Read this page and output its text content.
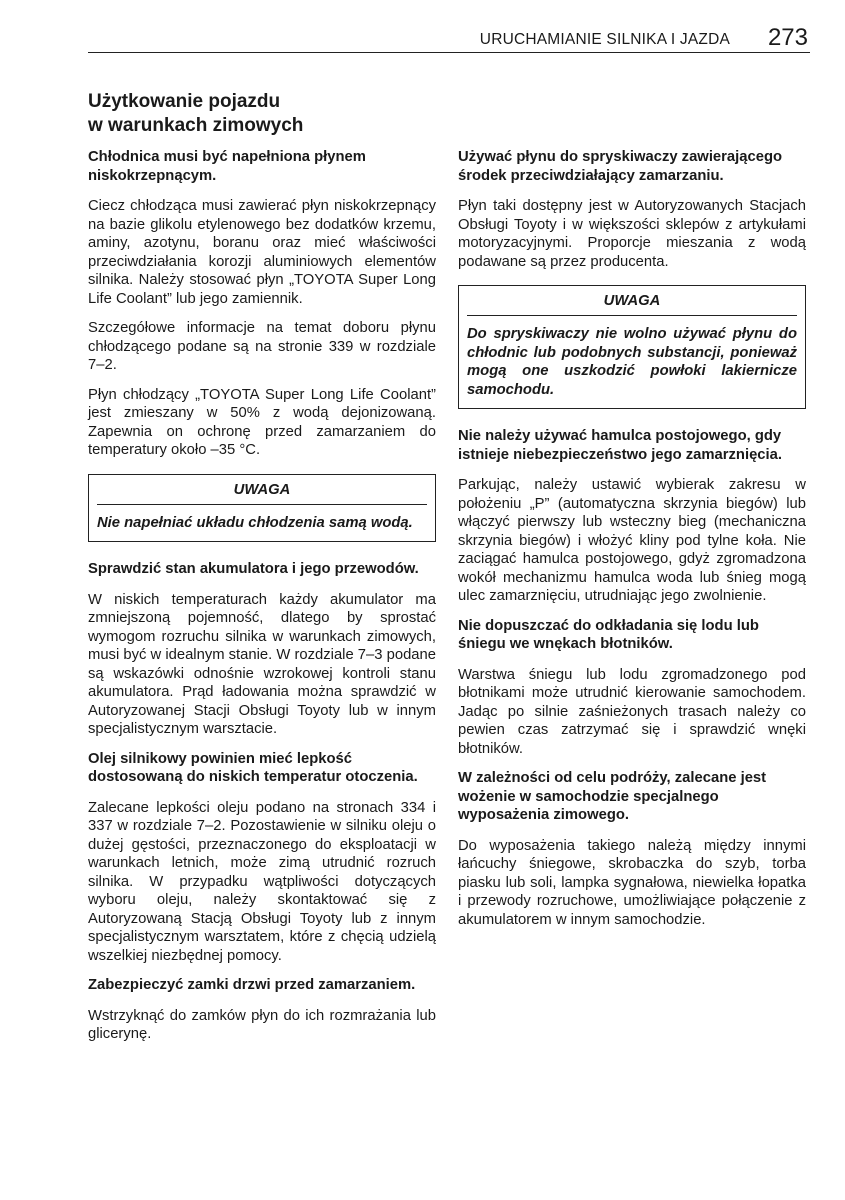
URUCHAMIANIE SILNIKA I JAZDA 273
Użytkowanie pojazdu
w warunkach zimowych
Chłodnica musi być napełniona płynem niskokrzepnącym.
Ciecz chłodząca musi zawierać płyn niskokrzepnący na bazie glikolu etylenowego bez dodatków krzemu, aminy, azotynu, boranu oraz mieć właściwości przeciwdziałania korozji aluminiowych elementów silnika. Należy stosować płyn „TOYOTA Super Long Life Coolant” lub jego zamiennik.
Szczegółowe informacje na temat doboru płynu chłodzącego podane są na stronie 339 w rozdziale 7–2.
Płyn chłodzący „TOYOTA Super Long Life Coolant” jest zmieszany w 50% z wodą dejonizowaną. Zapewnia on ochronę przed zamarzaniem do temperatury około –35 °C.
UWAGA
Nie napełniać układu chłodzenia samą wodą.
Sprawdzić stan akumulatora i jego przewodów.
W niskich temperaturach każdy akumulator ma zmniejszoną pojemność, dlatego by sprostać wymogom rozruchu silnika w warunkach zimowych, musi być w idealnym stanie. W rozdziale 7–3 podane są wskazówki odnośnie wzrokowej kontroli stanu akumulatora. Prąd ładowania można sprawdzić w Autoryzowanej Stacji Obsługi Toyoty lub w innym specjalistycznym warsztacie.
Olej silnikowy powinien mieć lepkość dostosowaną do niskich temperatur otoczenia.
Zalecane lepkości oleju podano na stronach 334 i 337 w rozdziale 7–2. Pozostawienie w silniku oleju o dużej gęstości, przeznaczonego do eksploatacji w warunkach letnich, może zimą utrudnić rozruch silnika. W przypadku wątpliwości dotyczących wyboru oleju, należy skontaktować się z Autoryzowaną Stacją Obsługi Toyoty lub z innym specjalistycznym warsztatem, które z chęcią udzielą wszelkiej niezbędnej pomocy.
Zabezpieczyć zamki drzwi przed zamarzaniem.
Wstrzyknąć do zamków płyn do ich rozmrażania lub glicerynę.
Używać płynu do spryskiwaczy zawierającego środek przeciwdziałający zamarzaniu.
Płyn taki dostępny jest w Autoryzowanych Stacjach Obsługi Toyoty i w większości sklepów z artykułami motoryzacyjnymi. Proporcje mieszania z wodą podawane są przez producenta.
UWAGA
Do spryskiwaczy nie wolno używać płynu do chłodnic lub podobnych substancji, ponieważ mogą one uszkodzić powłoki lakiernicze samochodu.
Nie należy używać hamulca postojowego, gdy istnieje niebezpieczeństwo jego zamarznięcia.
Parkując, należy ustawić wybierak zakresu w położeniu „P” (automatyczna skrzynia biegów) lub włączyć pierwszy lub wsteczny bieg (mechaniczna skrzynia biegów) i włożyć kliny pod tylne koła. Nie zaciągać hamulca postojowego, gdyż zgromadzona wokół mechanizmu hamulca woda lub śnieg mogą ulec zamarznięciu, utrudniając jego zwolnienie.
Nie dopuszczać do odkładania się lodu lub śniegu we wnękach błotników.
Warstwa śniegu lub lodu zgromadzonego pod błotnikami może utrudnić kierowanie samochodem. Jadąc po silnie zaśnieżonych trasach należy co pewien czas zatrzymać się i sprawdzić wnęki błotników.
W zależności od celu podróży, zalecane jest wożenie w samochodzie specjalnego wyposażenia zimowego.
Do wyposażenia takiego należą między innymi łańcuchy śniegowe, skrobaczka do szyb, torba piasku lub soli, lampka sygnałowa, niewielka łopatka i przewody rozruchowe, umożliwiające połączenie z akumulatorem w innym samochodzie.
